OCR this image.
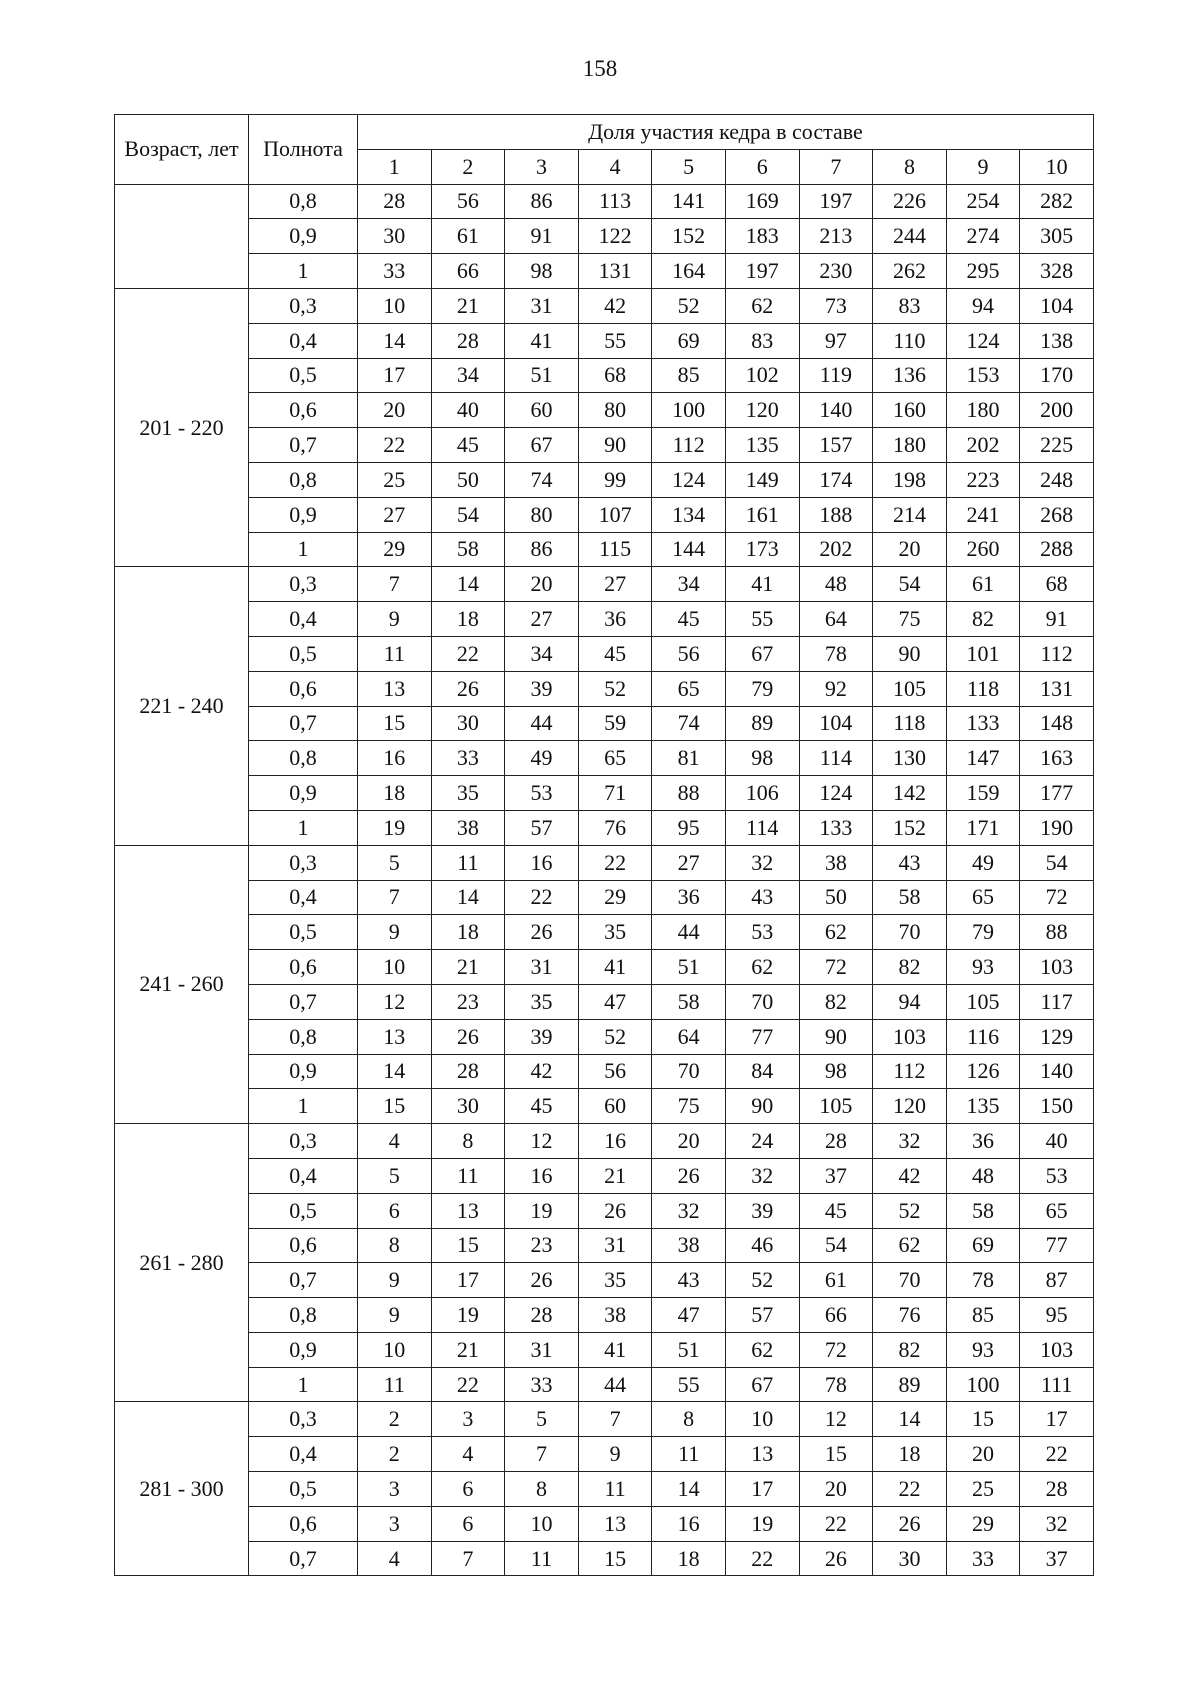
158
Возраст, лет	Полнота	Доля участия кедра в составе									
		1	2	3	4	5	6	7	8	9	10
	0,8	28	56	86	113	141	169	197	226	254	282
	0,9	30	61	91	122	152	183	213	244	274	305
	1	33	66	98	131	164	197	230	262	295	328
201 - 220	0,3	10	21	31	42	52	62	73	83	94	104
	0,4	14	28	41	55	69	83	97	110	124	138
	0,5	17	34	51	68	85	102	119	136	153	170
	0,6	20	40	60	80	100	120	140	160	180	200
	0,7	22	45	67	90	112	135	157	180	202	225
	0,8	25	50	74	99	124	149	174	198	223	248
	0,9	27	54	80	107	134	161	188	214	241	268
	1	29	58	86	115	144	173	202	20	260	288
221 - 240	0,3	7	14	20	27	34	41	48	54	61	68
	0,4	9	18	27	36	45	55	64	75	82	91
	0,5	11	22	34	45	56	67	78	90	101	112
	0,6	13	26	39	52	65	79	92	105	118	131
	0,7	15	30	44	59	74	89	104	118	133	148
	0,8	16	33	49	65	81	98	114	130	147	163
	0,9	18	35	53	71	88	106	124	142	159	177
	1	19	38	57	76	95	114	133	152	171	190
241 - 260	0,3	5	11	16	22	27	32	38	43	49	54
	0,4	7	14	22	29	36	43	50	58	65	72
	0,5	9	18	26	35	44	53	62	70	79	88
	0,6	10	21	31	41	51	62	72	82	93	103
	0,7	12	23	35	47	58	70	82	94	105	117
	0,8	13	26	39	52	64	77	90	103	116	129
	0,9	14	28	42	56	70	84	98	112	126	140
	1	15	30	45	60	75	90	105	120	135	150
261 - 280	0,3	4	8	12	16	20	24	28	32	36	40
	0,4	5	11	16	21	26	32	37	42	48	53
	0,5	6	13	19	26	32	39	45	52	58	65
	0,6	8	15	23	31	38	46	54	62	69	77
	0,7	9	17	26	35	43	52	61	70	78	87
	0,8	9	19	28	38	47	57	66	76	85	95
	0,9	10	21	31	41	51	62	72	82	93	103
	1	11	22	33	44	55	67	78	89	100	111
281 - 300	0,3	2	3	5	7	8	10	12	14	15	17
	0,4	2	4	7	9	11	13	15	18	20	22
	0,5	3	6	8	11	14	17	20	22	25	28
	0,6	3	6	10	13	16	19	22	26	29	32
	0,7	4	7	11	15	18	22	26	30	33	37
